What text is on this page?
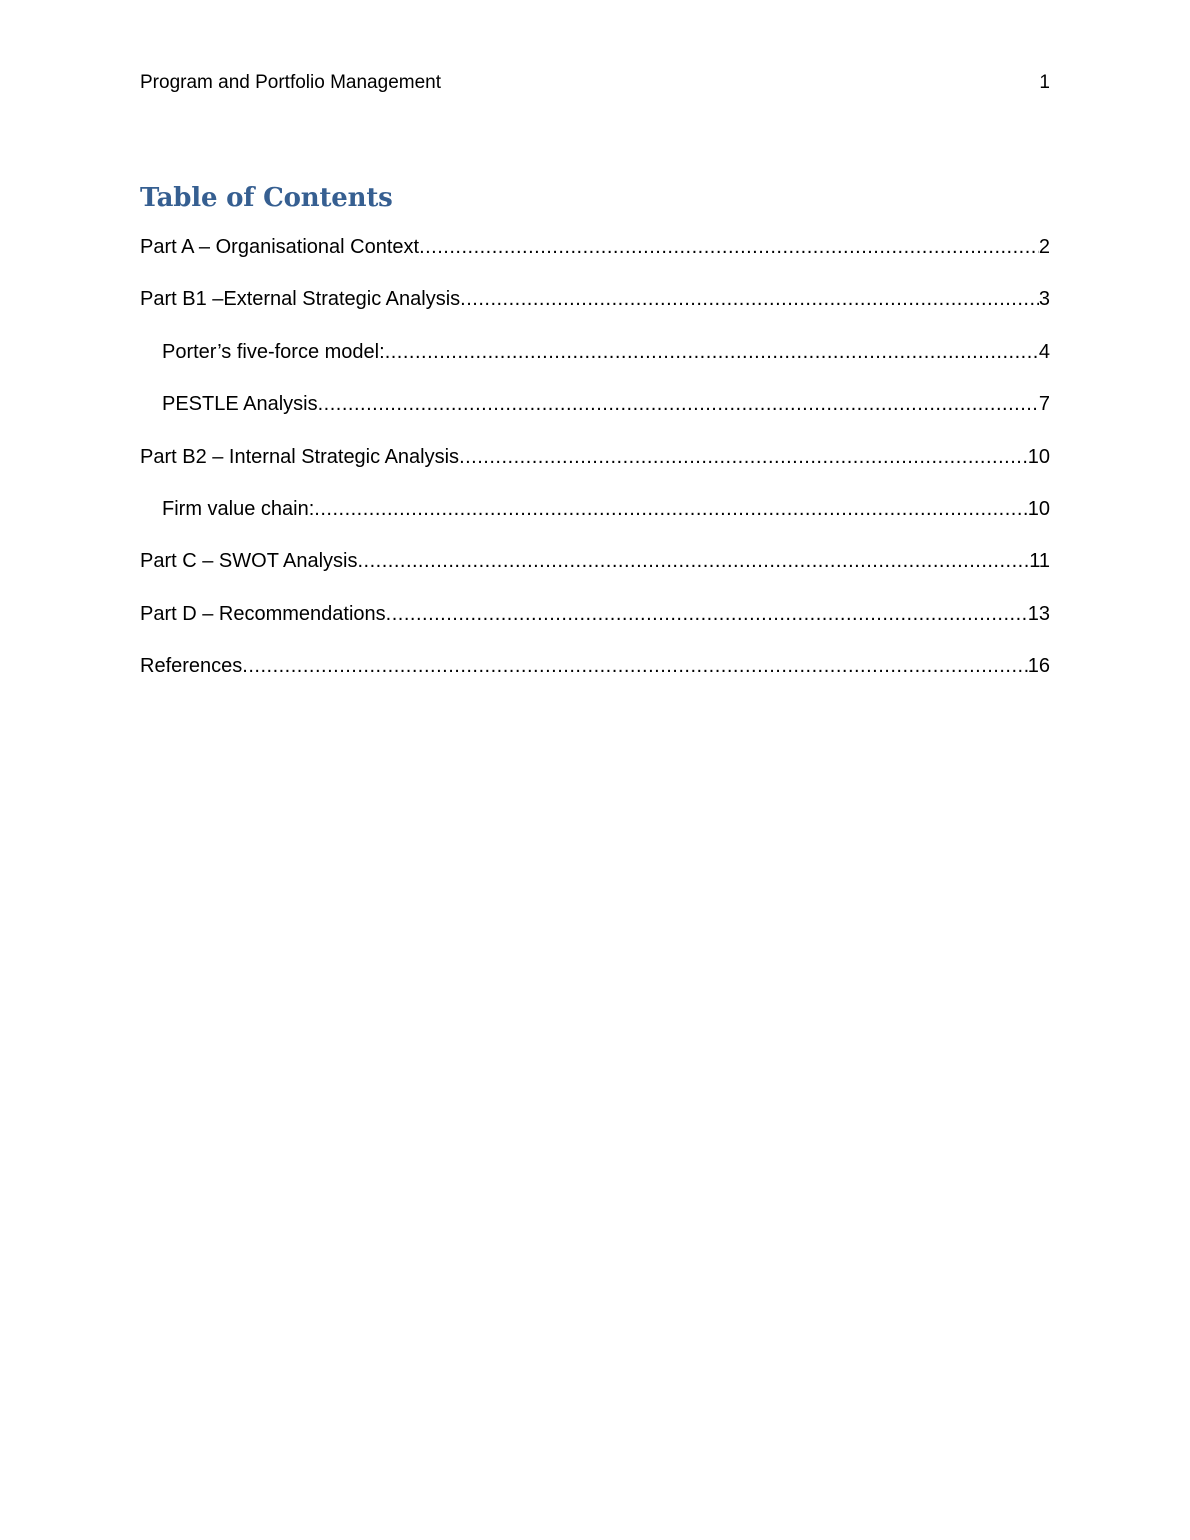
Program and Portfolio Management	1
Table of Contents
Part A – Organisational Context .....	2
Part B1 –External Strategic Analysis .....	3
Porter’s five-force model: .....	4
PESTLE Analysis .....	7
Part B2 – Internal Strategic Analysis .....	10
Firm value chain: .....	10
Part C – SWOT Analysis .....	11
Part D – Recommendations .....	13
References .....	16
